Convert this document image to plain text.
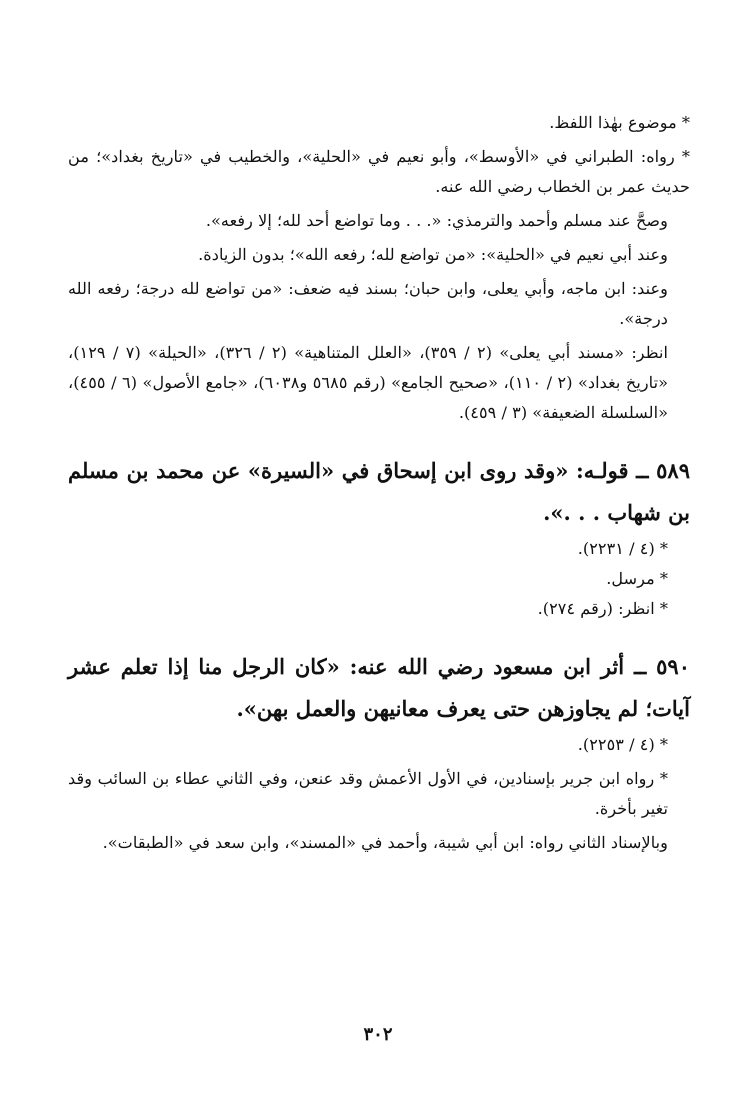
* موضوع بهٰذا اللفظ.

* رواه: الطبراني في «الأوسط»، وأبو نعيم في «الحلية»، والخطيب في «تاريخ بغداد»؛ من حديث عمر بن الخطاب رضي الله عنه.

وصحَّ عند مسلم وأحمد والترمذي: «. . . وما تواضع أحد لله؛ إلا رفعه».

وعند أبي نعيم في «الحلية»: «من تواضع لله؛ رفعه الله»؛ بدون الزيادة.

وعند: ابن ماجه، وأبي يعلى، وابن حبان؛ بسند فيه ضعف: «من تواضع لله درجة؛ رفعه الله درجة».

انظر: «مسند أبي يعلى» (٢ / ٣٥٩)، «العلل المتناهية» (٢ / ٣٢٦)، «الحيلة» (٧ / ١٢٩)، «تاريخ بغداد» (٢ / ١١٠)، «صحيح الجامع» (رقم ٥٦٨٥ و٦٠٣٨)، «جامع الأصول» (٦ / ٤٥٥)، «السلسلة الضعيفة» (٣ / ٤٥٩).

٥٨٩ ــ قولـه: «وقد روى ابن إسحاق في «السيرة» عن محمد بن مسلم بن شهاب . . .».

* (٤ / ٢٢٣١).

* مرسل.

* انظر: (رقم ٢٧٤).

٥٩٠ ــ أثر ابن مسعود رضي الله عنه: «كان الرجل منا إذا تعلم عشر آيات؛ لم يجاوزهن حتى يعرف معانيهن والعمل بهن».

* (٤ / ٢٢٥٣).

* رواه ابن جرير بإسنادين، في الأول الأعمش وقد عنعن، وفي الثاني عطاء بن السائب وقد تغير بأخرة.

وبالإسناد الثاني رواه: ابن أبي شيبة، وأحمد في «المسند»، وابن سعد في «الطبقات».

٣٠٢
